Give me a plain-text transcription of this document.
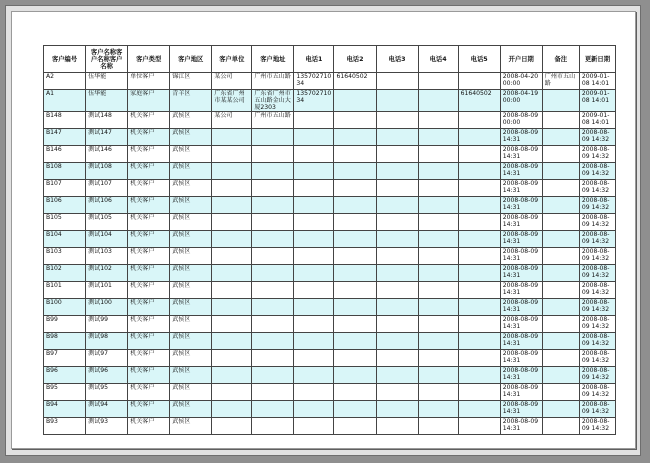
客户编号	客户名称客户名称客户名称	客户类型	客户地区	客户单位	客户地址	电话1	电话2	电话3	电话4	电话5	开户日期	备注	更新日期
A2	伍华能	单位客户	锦江区	某公司	广州市五山路	13570271034	61640502				2008-04-20 00:00	广州市五山路	2009-01-08 14:01
A1	伍华能	家庭客户	青羊区	广东省广州市某某公司	广东省广州市五山路金山大厦2303	13570271034				61640502	2008-04-19 00:00		2009-01-08 14:01
B148	测试148	机关客户	武侯区	某公司	广州市五山路						2008-08-09 00:00		2009-01-08 14:01
B147	测试147	机关客户	武侯区								2008-08-09 14:31		2008-08-09 14:32
B146	测试146	机关客户	武侯区								2008-08-09 14:31		2008-08-09 14:32
B108	测试108	机关客户	武侯区								2008-08-09 14:31		2008-08-09 14:32
B107	测试107	机关客户	武侯区								2008-08-09 14:31		2008-08-09 14:32
B106	测试106	机关客户	武侯区								2008-08-09 14:31		2008-08-09 14:32
B105	测试105	机关客户	武侯区								2008-08-09 14:31		2008-08-09 14:32
B104	测试104	机关客户	武侯区								2008-08-09 14:31		2008-08-09 14:32
B103	测试103	机关客户	武侯区								2008-08-09 14:31		2008-08-09 14:32
B102	测试102	机关客户	武侯区								2008-08-09 14:31		2008-08-09 14:32
B101	测试101	机关客户	武侯区								2008-08-09 14:31		2008-08-09 14:32
B100	测试100	机关客户	武侯区								2008-08-09 14:31		2008-08-09 14:32
B99	测试99	机关客户	武侯区								2008-08-09 14:31		2008-08-09 14:32
B98	测试98	机关客户	武侯区								2008-08-09 14:31		2008-08-09 14:32
B97	测试97	机关客户	武侯区								2008-08-09 14:31		2008-08-09 14:32
B96	测试96	机关客户	武侯区								2008-08-09 14:31		2008-08-09 14:32
B95	测试95	机关客户	武侯区								2008-08-09 14:31		2008-08-09 14:32
B94	测试94	机关客户	武侯区								2008-08-09 14:31		2008-08-09 14:32
B93	测试93	机关客户	武侯区								2008-08-09 14:31		2008-08-09 14:32
